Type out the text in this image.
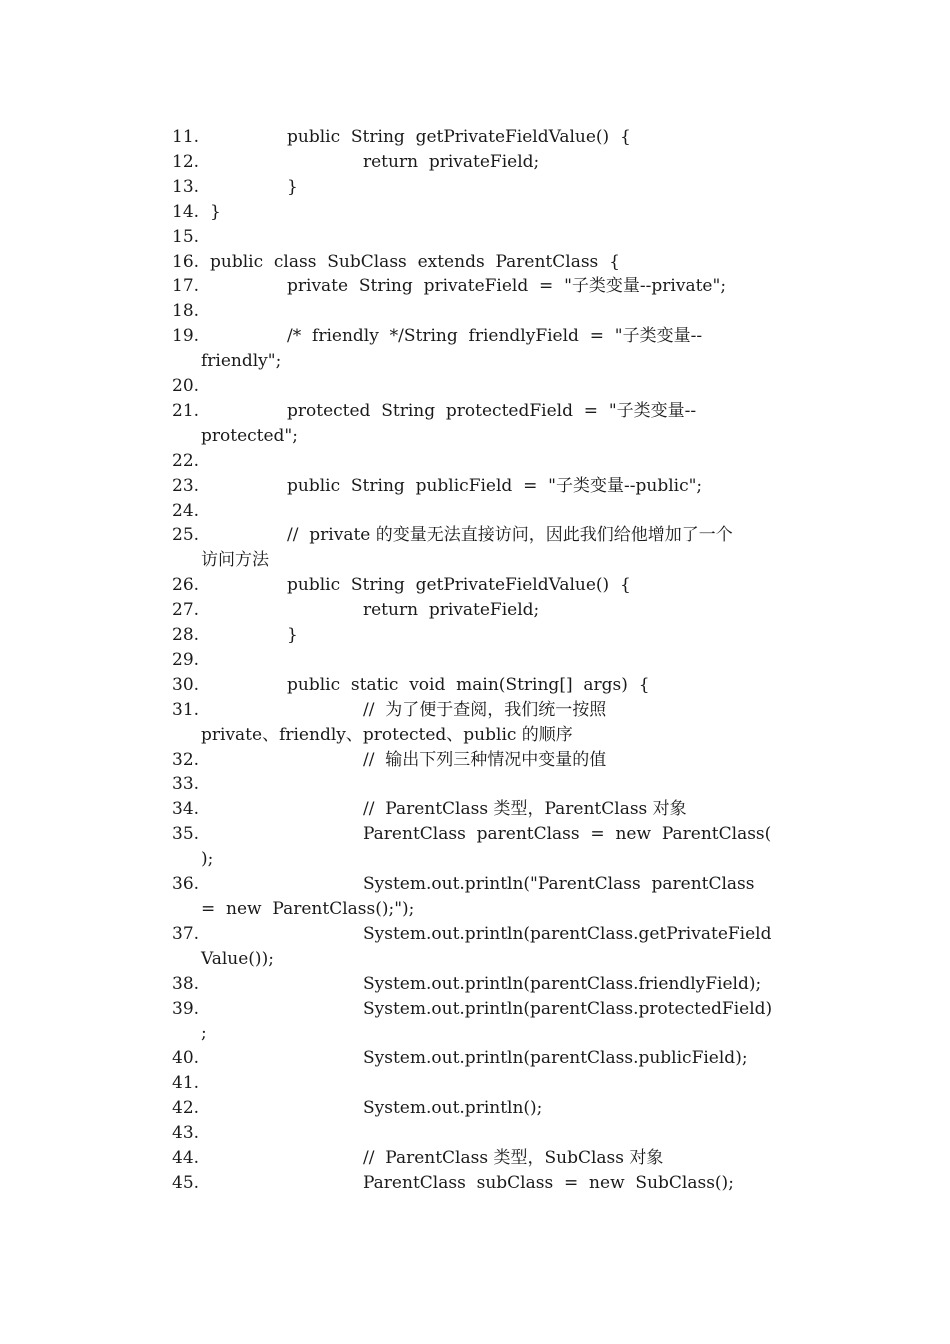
11.	public  String  getPrivateFieldValue()  {
12.	return  privateField;
13.	}
14. }
15.
16. public  class  SubClass  extends  ParentClass  {
17.	private  String  privateField  =  "子类变量--private";
18.
19.	/*  friendly  */String  friendlyField  =  "子类变量--
friendly";
20.
21.	protected  String  protectedField  =  "子类变量--
protected";
22.
23.	public  String  publicField  =  "子类变量--public";
24.
25.	//  private 的变量无法直接访问，因此我们给他增加了一个
访问方法
26.	public  String  getPrivateFieldValue()  {
27.	return  privateField;
28.	}
29.
30.	public  static  void  main(String[]  args)  {
31.	//  为了便于查阅，我们统一按照
private、friendly、protected、public 的顺序
32.	//  输出下列三种情况中变量的值
33.
34.	//  ParentClass 类型，ParentClass 对象
35.	ParentClass  parentClass  =  new  ParentClass(
);
36.	System.out.println("ParentClass  parentClass
=  new  ParentClass();");
37.	System.out.println(parentClass.getPrivateField
Value());
38.	System.out.println(parentClass.friendlyField);
39.	System.out.println(parentClass.protectedField)
;
40.	System.out.println(parentClass.publicField);
41.
42.	System.out.println();
43.
44.	//  ParentClass 类型，SubClass 对象
45.	ParentClass  subClass  =  new  SubClass();
